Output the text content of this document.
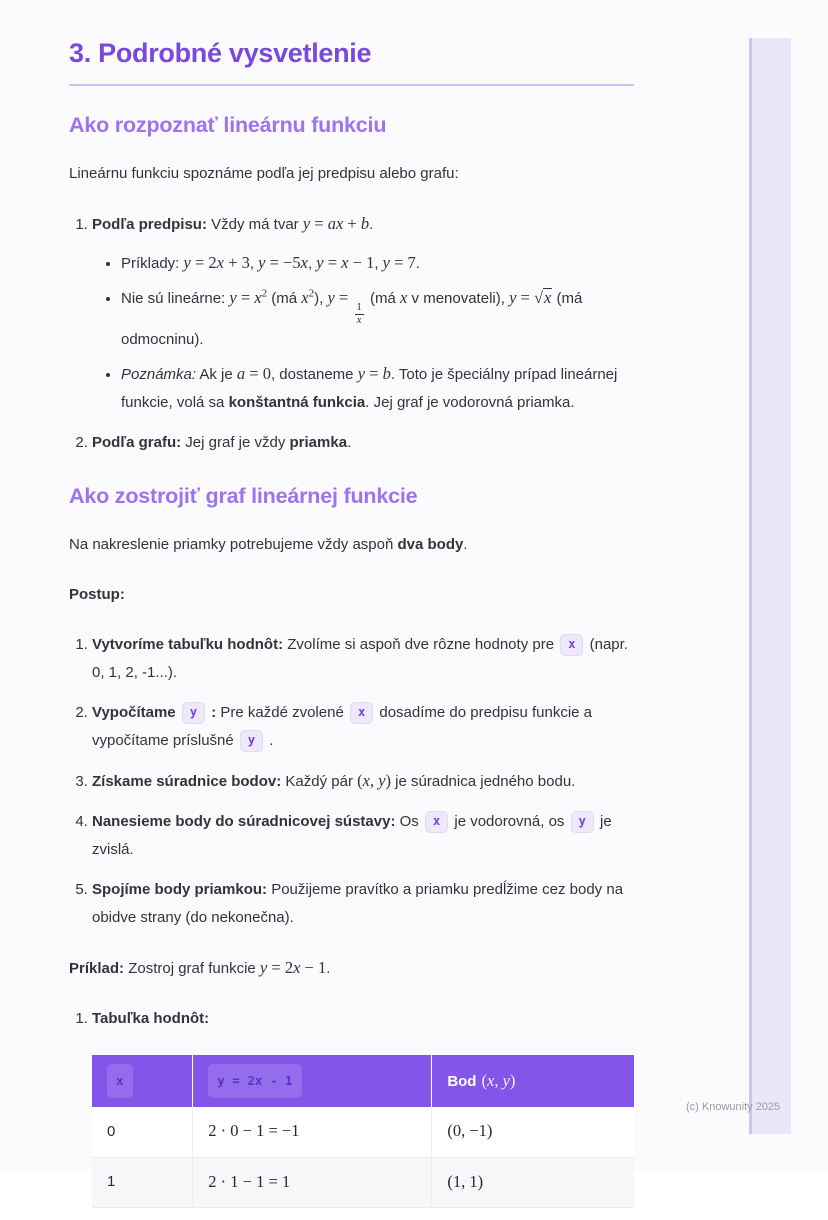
(c) Knowunity 2025
3. Podrobné vysvetlenie
Ako rozpoznať lineárnu funkciu

Lineárnu funkciu spoznáme podľa jej predpisu alebo grafu:

1. Podľa predpisu: Vždy má tvar y = ax + b.
• Príklady: y = 2x + 3, y = −5x, y = x − 1, y = 7.
• Nie sú lineárne: $y = x^2$ (má $x^2$), y =
$\frac{1}{x}$
(má x v menovateli), y = √x (má odmocninu).
• Poznámka: Ak je a = 0, dostaneme y = b. Toto je špeciálny prípad lineárnej funkcie, volá sa konštantná funkcia. Jej graf je vodorovná priamka.
2. Podľa grafu: Jej graf je vždy priamka.
Ako zostrojiť graf lineárnej funkcie

Na nakreslenie priamky potrebujeme vždy aspoň dva body.

Postup:

1. Vytvoríme tabuľku hodnôt: Zvolíme si aspoň dve rôzne hodnoty pre x (napr. 0, 1, 2, -1...).
2. Vypočítame y : Pre každé zvolené x dosadíme do predpisu funkcie a vypočítame príslušné y .
3. Získame súradnice bodov: Každý pár (x, y) je súradnica jedného bodu.
4. Nanesieme body do súradnicovej sústavy: Os x je vodorovná, os y je zvislá.
5. Spojíme body priamkou: Použijeme pravítko a priamku predĺžime cez body na obidve strany (do nekonečna).

Príklad: Zostroj graf funkcie y = 2x − 1.

1. Tabuľka hodnôt:
x	y = 2x - 1	Bod (x, y)
0	2 · 0 − 1 = −1	(0, −1)
1	2 · 1 − 1 = 1	(1, 1)
